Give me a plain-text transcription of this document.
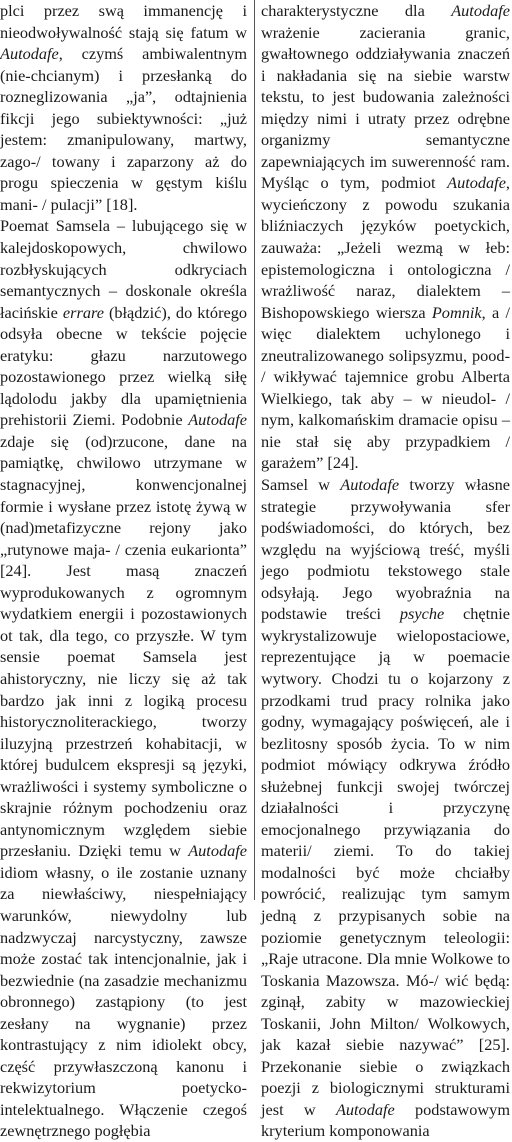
plci przez swą immanencję i nieodwoływalność stają się fatum w Autodafe, czymś ambiwalentnym (nie-chcianym) i przesłanką do rozneglizowania „ja”, odtajnienia fikcji jego subiektywności: „już jestem: zmanipulowany, martwy, zago-/ towany i zaparzony aż do progu spieczenia w gęstym kiślu mani- / pulacji” [18].

Poemat Samsela – lubującego się w kalejdoskopowych, chwilowo rozbłyskujących odkryciach semantycznych – doskonale określa łacińskie errare (błądzić), do którego odsyła obecne w tekście pojęcie eratyku: głazu narzutowego pozostawionego przez wielką siłę lądolodu jakby dla upamiętnienia prehistorii Ziemi. Podobnie Autodafe zdaje się (od)rzucone, dane na pamiątkę, chwilowo utrzymane w stagnacyjnej, konwencjonalnej formie i wysłane przez istotę żywą w (nad)metafizyczne rejony jako „rutynowe maja- / czenia eukarionta” [24]. Jest masą znaczeń wyprodukowanych z ogromnym wydatkiem energii i pozostawionych ot tak, dla tego, co przyszłe. W tym sensie poemat Samsela jest ahistoryczny, nie liczy się aż tak bardzo jak inni z logiką procesu historycznoliterackiego, tworzy iluzyjną przestrzeń kohabitacji, w której budulcem ekspresji są języki, wrażliwości i systemy symboliczne o skrajnie różnym pochodzeniu oraz antynomicznym względem siebie przesłaniu. Dzięki temu w Autodafe idiom własny, o ile zostanie uznany za niewłaściwy, niespełniający warunków, niewydolny lub nadzwyczaj narcystyczny, zawsze może zostać tak intencjonalnie, jak i bezwiednie (na zasadzie mechanizmu obronnego) zastąpiony (to jest zesłany na wygnanie) przez kontrastujący z nim idiolekt obcy, część przywłaszczoną kanonu i rekwizytorium poetycko-intelektualnego. Włączenie czegoś zewnętrznego pogłębia

charakterystyczne dla Autodafe wrażenie zacierania granic, gwałtownego oddziaływania znaczeń i nakładania się na siebie warstw tekstu, to jest budowania zależności między nimi i utraty przez odrębne organizmy semantyczne zapewniających im suwerenność ram. Myśląc o tym, podmiot Autodafe, wycieńczony z powodu szukania bliźniaczych języków poetyckich, zauważa: „Jeżeli wezmą w łeb: epistemologiczna i ontologiczna / wrażliwość naraz, dialektem – Bishopowskiego wiersza Pomnik, a / więc dialektem uchylonego i zneutralizowanego solipsyzmu, pood- / wikływać tajemnice grobu Alberta Wielkiego, tak aby – w nieudol- / nym, kalkomańskim dramacie opisu – nie stał się aby przypadkiem / garażem” [24].

Samsel w Autodafe tworzy własne strategie przywoływania sfer podświadomości, do których, bez względu na wyjściową treść, myśli jego podmiotu tekstowego stale odsyłają. Jego wyobraźnia na podstawie treści psyche chętnie wykrystalizowuje wielopostaciowe, reprezentujące ją w poemacie wytwory. Chodzi tu o kojarzony z przodkami trud pracy rolnika jako godny, wymagający poświęceń, ale i bezlitosny sposób życia. To w nim podmiot mówiący odkrywa źródło służebnej funkcji swojej twórczej działalności i przyczynę emocjonalnego przywiązania do materii/ ziemi. To do takiej modalności być może chciałby powrócić, realizując tym samym jedną z przypisanych sobie na poziomie genetycznym teleologii: „Raje utracone. Dla mnie Wolkowe to Toskania Mazowsza. Mó-/ wić będą: zginął, zabity w mazowieckiej Toskanii, John Milton/ Wolkowych, jak kazał siebie nazywać” [25]. Przekonanie siebie o związkach poezji z biologicznymi strukturami jest w Autodafe podstawowym kryterium komponowania
